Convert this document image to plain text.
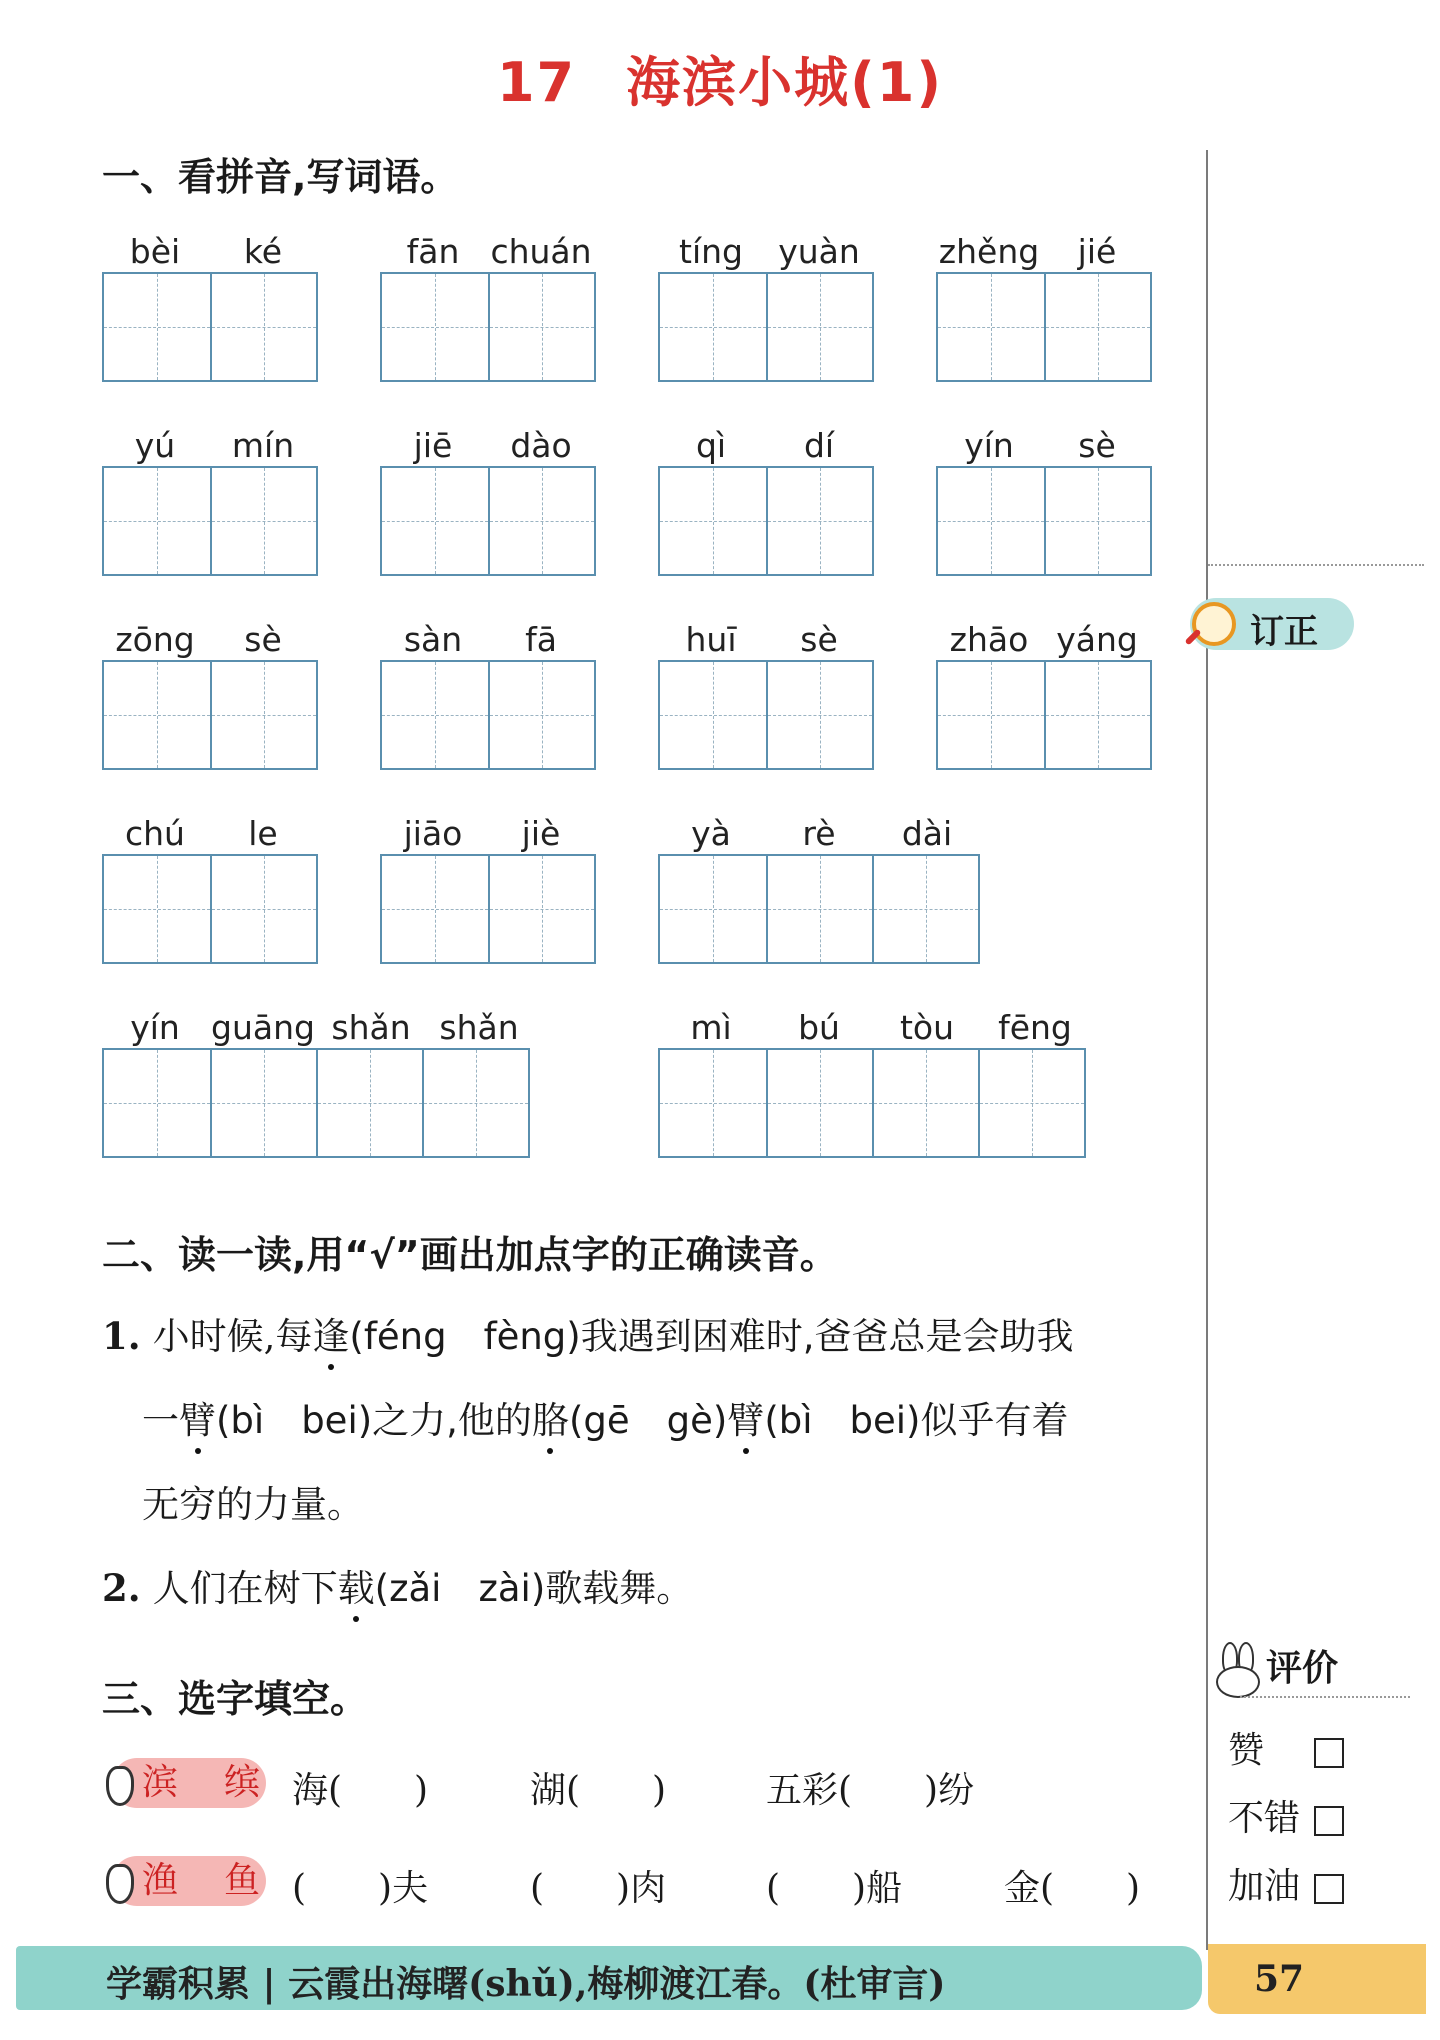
17 海滨小城(1)
订正
评价
赞
不错
加油
一、看拼音,写词语。
bèi	ké	fān chuán	tíng	yuàn	zhěng	jié
yú	mín	jiē	dào	qì	dí	yín	sè
zōng	sè	sàn	fā	huī	sè	zhāo yáng
chú	le	jiāo	jiè	yà	rè	dài
yín guāng shǎn shǎn	mì	bú	tòu	fēng
二、读一读,用“√”画出加点字的正确读音。
1. 小时候,每逢(féng　fèng)我遇到困难时,爸爸总是会助我
一臂(bì　bei)之力,他的胳(gē　gè)臂(bì　bei)似乎有着
无穷的力量。
2. 人们在树下载(zǎi　zài)歌载舞。
三、选字填空。
滨 缤 海(　　)	湖(　　)	五彩(　　)纷
渔 鱼 (　　)夫	(　　)肉	(　　)船	金(　　)
学霸积累 | 云霞出海曙(shǔ),梅柳渡江春。(杜审言)	57
